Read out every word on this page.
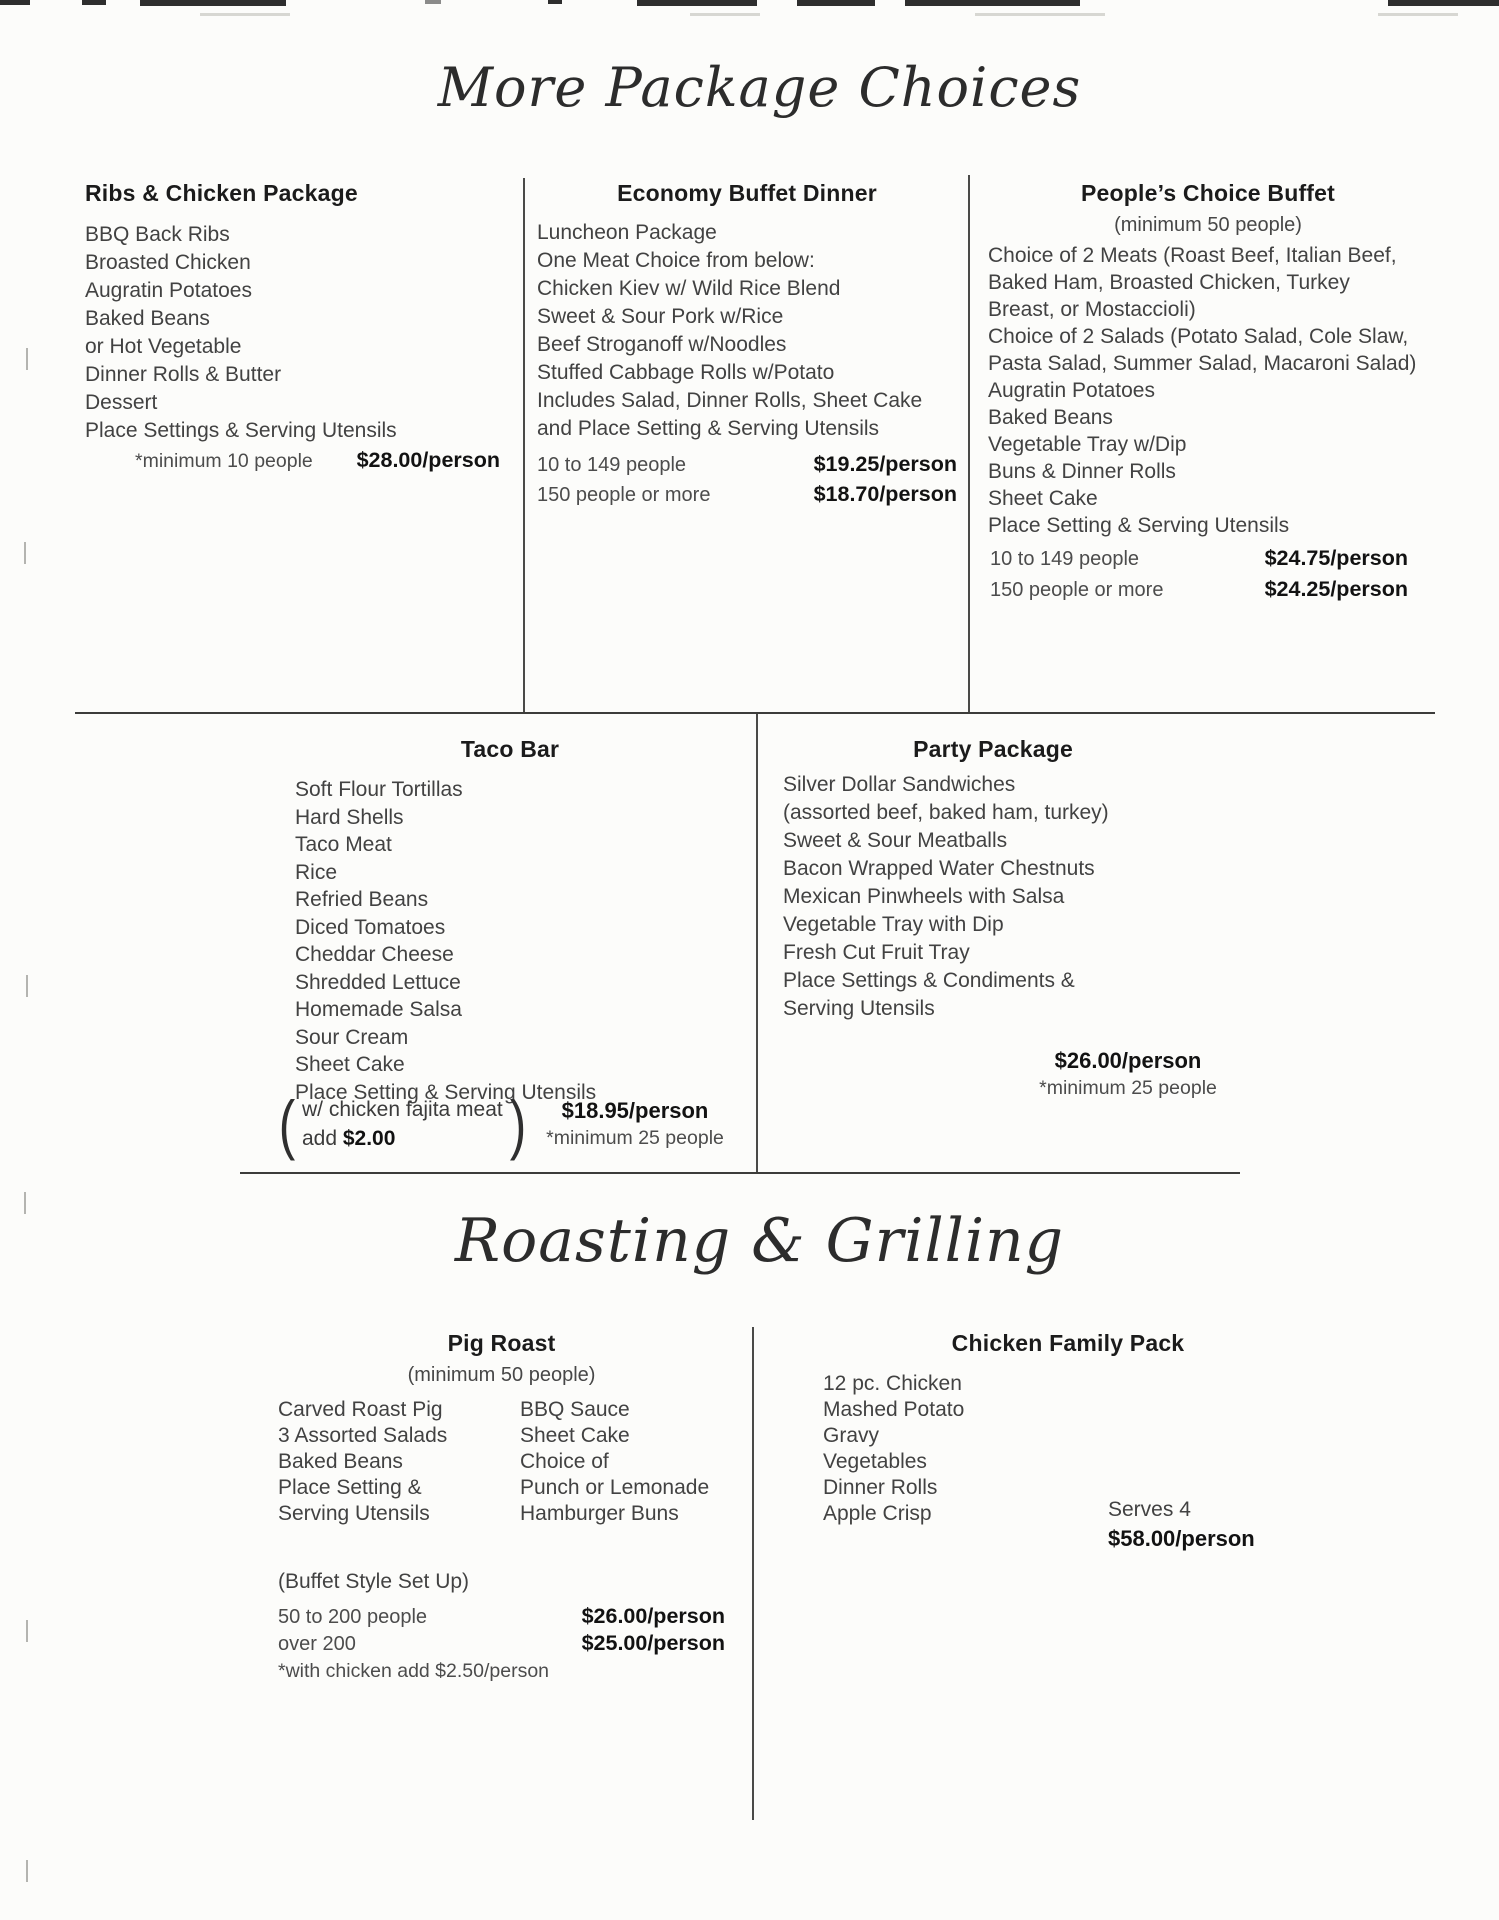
More Package Choices
Roasting & Grilling
Ribs & Chicken Package
BBQ Back Ribs
Broasted Chicken
Augratin Potatoes
Baked Beans
or Hot Vegetable
Dinner Rolls & Butter
Dessert
Place Settings & Serving Utensils
*minimum 10 people $28.00/person
Economy Buffet Dinner
Luncheon Package
One Meat Choice from below:
Chicken Kiev w/ Wild Rice Blend
Sweet & Sour Pork w/Rice
Beef Stroganoff w/Noodles
Stuffed Cabbage Rolls w/Potato
Includes Salad, Dinner Rolls, Sheet Cake
and Place Setting & Serving Utensils
10 to 149 people	$19.25/person
150 people or more	$18.70/person
People’s Choice Buffet
(minimum 50 people)
Choice of 2 Meats (Roast Beef, Italian Beef,
Baked Ham, Broasted Chicken, Turkey
Breast, or Mostaccioli)
Choice of 2 Salads (Potato Salad, Cole Slaw,
Pasta Salad, Summer Salad, Macaroni Salad)
Augratin Potatoes
Baked Beans
Vegetable Tray w/Dip
Buns & Dinner Rolls
Sheet Cake
Place Setting & Serving Utensils
10 to 149 people	$24.75/person
150 people or more	$24.25/person
Taco Bar
Soft Flour Tortillas
Hard Shells
Taco Meat
Rice
Refried Beans
Diced Tomatoes
Cheddar Cheese
Shredded Lettuce
Homemade Salsa
Sour Cream
Sheet Cake
Place Setting & Serving Utensils
( w/ chicken fajita meat
add $2.00	)	$18.95/person
*minimum 25 people
Party Package
Silver Dollar Sandwiches
(assorted beef, baked ham, turkey)
Sweet & Sour Meatballs
Bacon Wrapped Water Chestnuts
Mexican Pinwheels with Salsa
Vegetable Tray with Dip
Fresh Cut Fruit Tray
Place Settings & Condiments &
Serving Utensils
$26.00/person
*minimum 25 people
Pig Roast
(minimum 50 people)
Carved Roast Pig
3 Assorted Salads
Baked Beans
Place Setting &
Serving Utensils
BBQ Sauce
Sheet Cake
Choice of
Punch or Lemonade
Hamburger Buns
(Buffet Style Set Up)
50 to 200 people	$26.00/person
over 200	$25.00/person
*with chicken add $2.50/person
Chicken Family Pack
12 pc. Chicken
Mashed Potato
Gravy
Vegetables
Dinner Rolls
Apple Crisp	Serves 4
$58.00/person
